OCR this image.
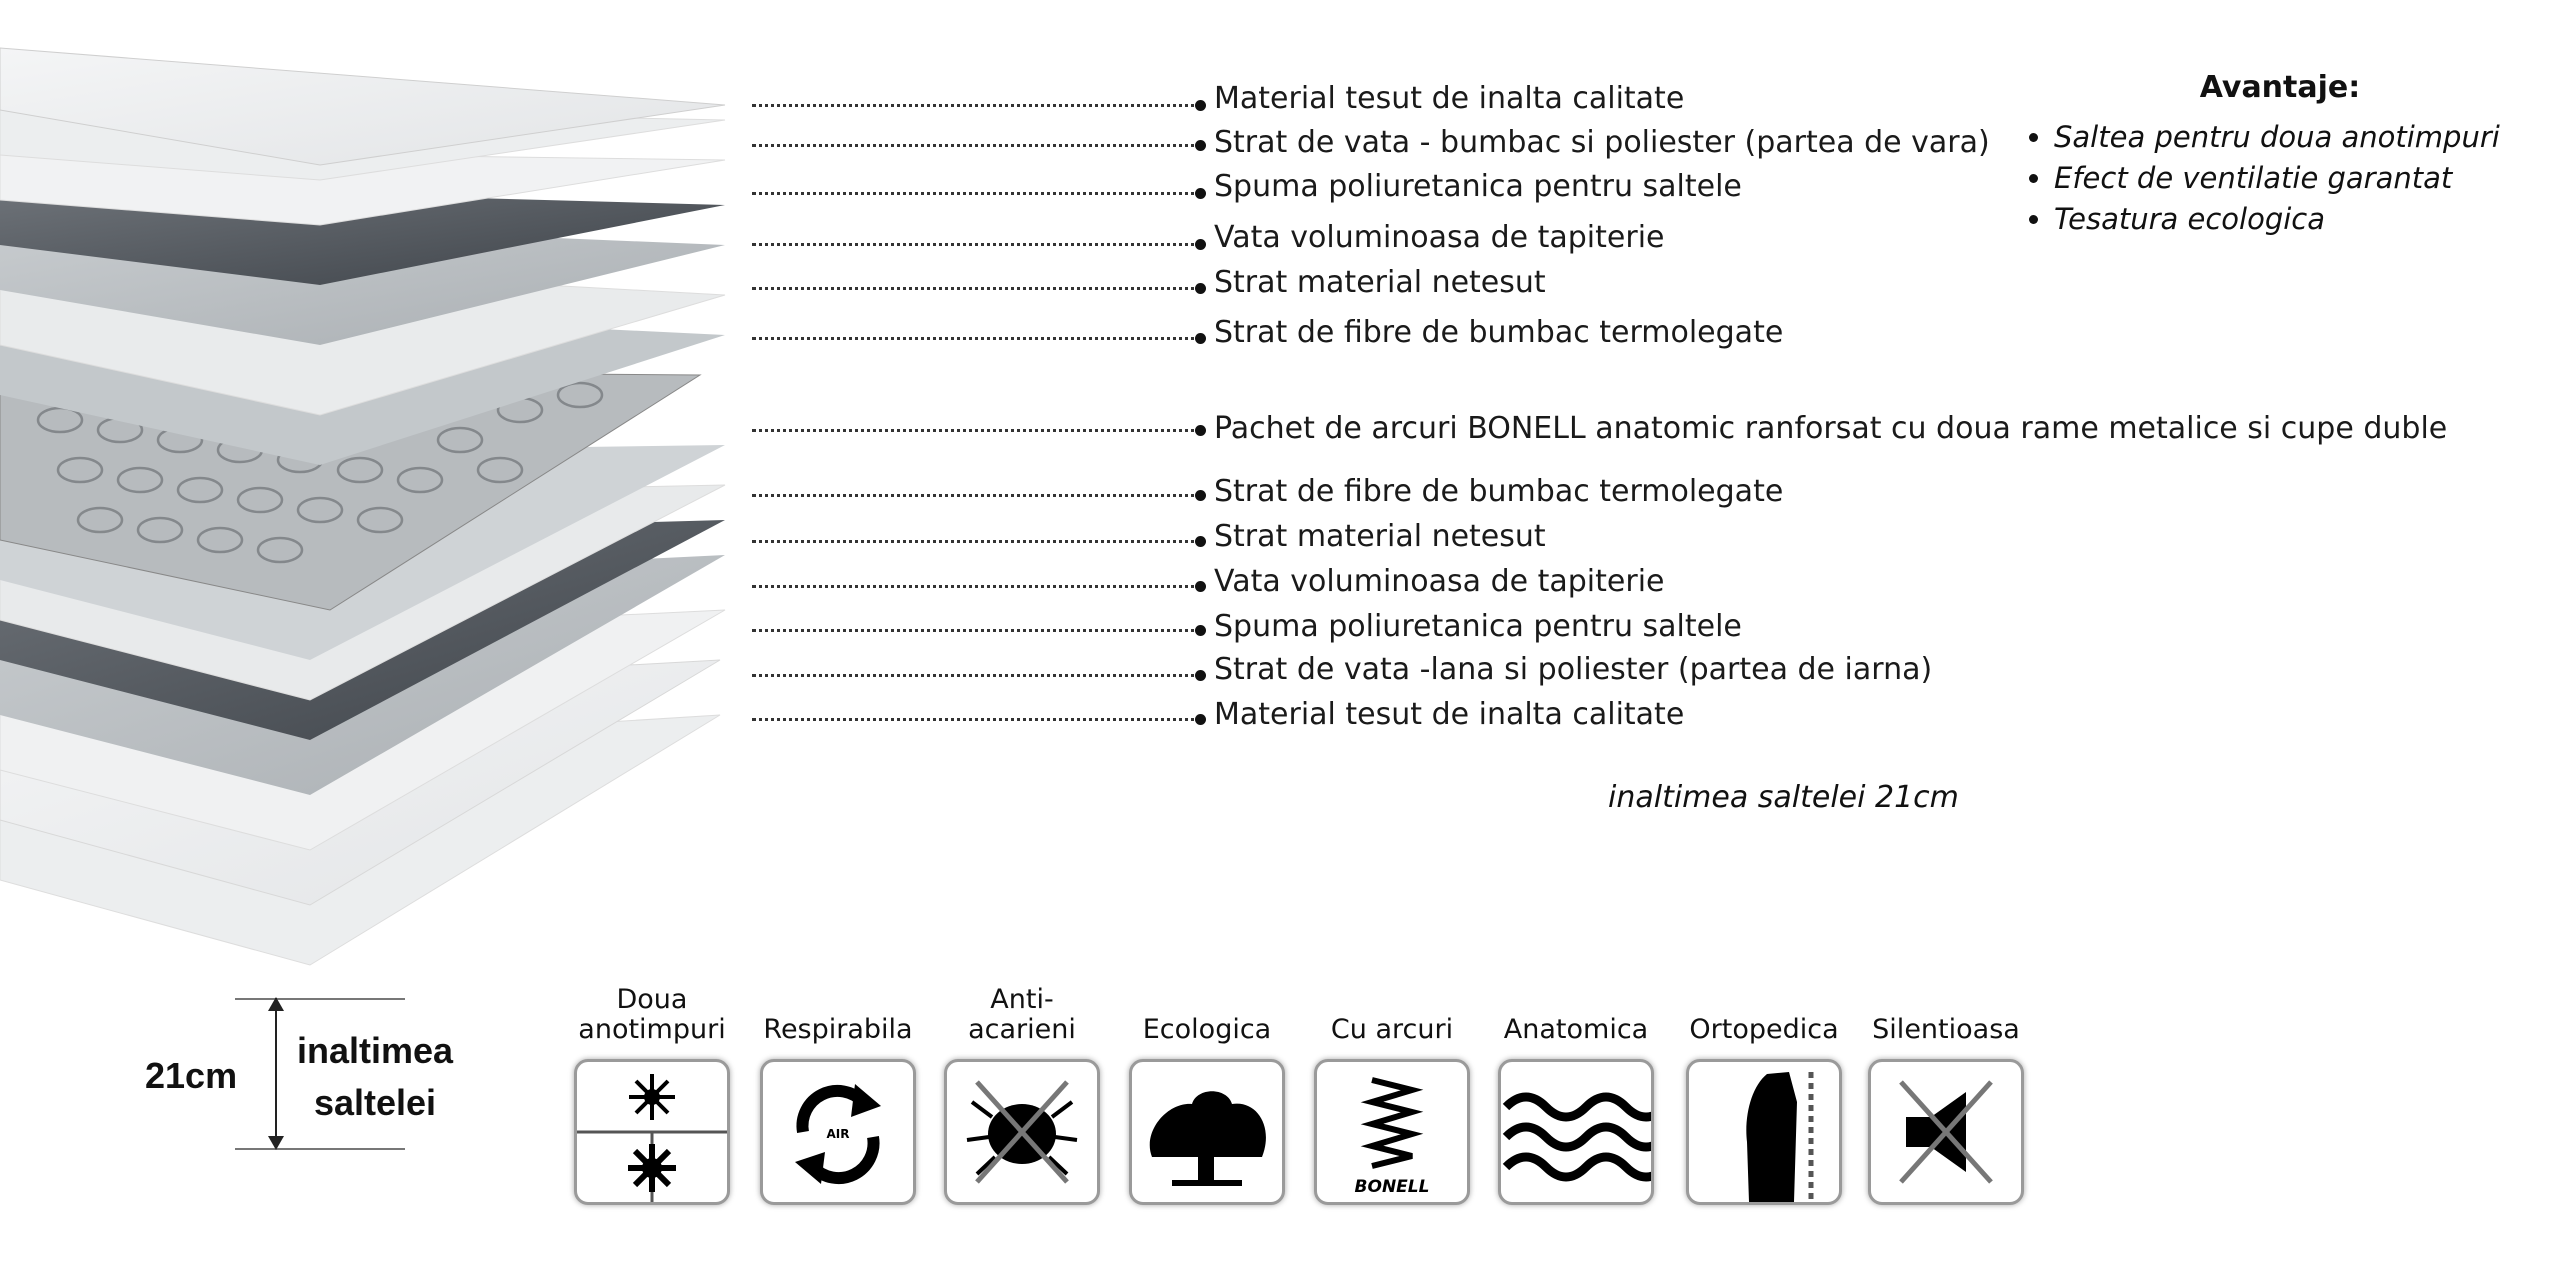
Material tesut de inalta calitate
Strat de vata - bumbac si poliester (partea de vara)
Spuma poliuretanica pentru saltele
Vata voluminoasa de tapiterie
Strat material netesut
Strat de fibre de bumbac termolegate
Pachet de arcuri BONELL anatomic ranforsat cu doua rame metalice si cupe duble
Strat de fibre de bumbac termolegate
Strat material netesut
Vata voluminoasa de tapiterie
Spuma poliuretanica pentru saltele
Strat de vata -lana si poliester (partea de iarna)
Material tesut de inalta calitate
Avantaje:
• Saltea pentru doua anotimpuri
• Efect de ventilatie garantat
• Tesatura ecologica
inaltimea saltelei 21cm
21cm
inaltimea
saltelei
Doua
anotimpuri Respirabila
AIR
Anti-acarieni	Ecologica	Cu arcuri
BONELL
Anatomica Ortopedica Silentioasa
